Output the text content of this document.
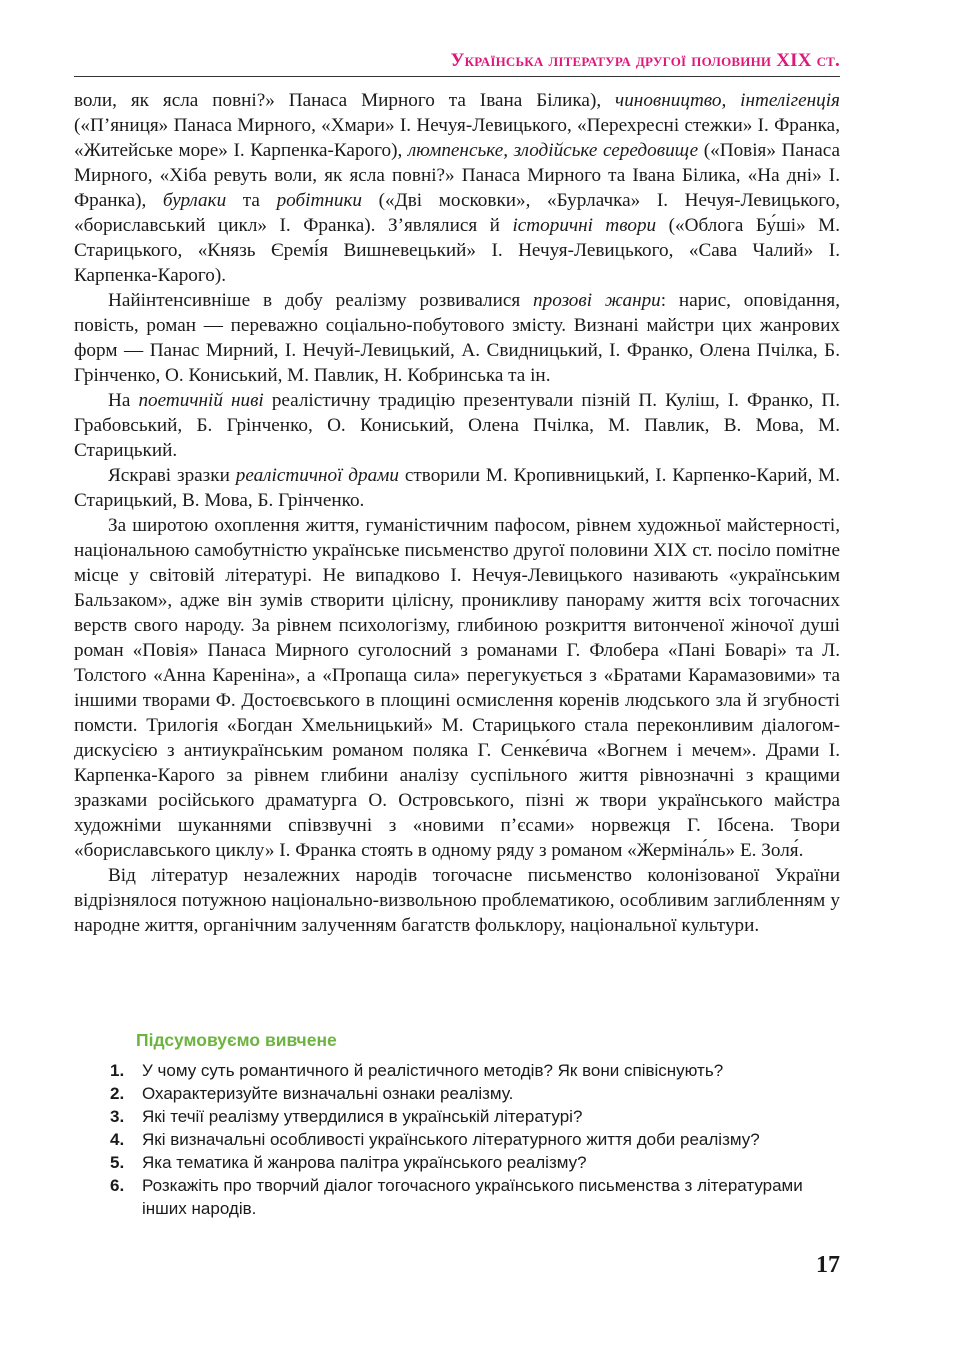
Українська література другої половини XIX ст.

воли, як ясла повні?» Панаса Мирного та Івана Білика), чиновництво, інтелігенція («П’яниця» Панаса Мирного, «Хмари» І. Нечуя-Левицького, «Перехресні стежки» І. Франка, «Житейське море» І. Карпенка-Карого), люмпенське, злодійське середовище («Повія» Панаса Мирного, «Хіба ревуть воли, як ясла повні?» Панаса Мирного та Івана Білика, «На дні» І. Франка), бурлаки та робітники («Дві московки», «Бурлачка» І. Нечуя-Левицького, «бориславський цикл» І. Франка). З’являлися й історичні твори («Облога Бу́ші» М. Старицького, «Князь Єремі́я Вишневецький» І. Нечуя-Левицького, «Сава Чалий» І. Карпенка-Карого).

Найінтенсивніше в добу реалізму розвивалися прозові жанри: нарис, оповідання, повість, роман — переважно соціально-побутового змісту. Визнані майстри цих жанрових форм — Панас Мирний, І. Нечуй-Левицький, А. Свидницький, І. Франко, Олена Пчілка, Б. Грінченко, О. Кониський, М. Павлик, Н. Кобринська та ін.

На поетичній ниві реалістичну традицію презентували пізній П. Куліш, І. Франко, П. Грабовський, Б. Грінченко, О. Кониський, Олена Пчілка, М. Павлик, В. Мова, М. Старицький.

Яскраві зразки реалістичної драми створили М. Кропивницький, І. Карпенко-Карий, М. Старицький, В. Мова, Б. Грінченко.

За широтою охоплення життя, гуманістичним пафосом, рівнем художньої майстерності, національною самобутністю українське письменство другої половини XIX ст. посіло помітне місце у світовій літературі. Не випадково І. Нечуя-Левицького називають «українським Бальзаком», адже він зумів створити цілісну, проникливу панораму життя всіх тогочасних верств свого народу. За рівнем психологізму, глибиною розкриття витонченої жіночої душі роман «Повія» Панаса Мирного суголосний з романами Г. Флобера «Пані Боварі» та Л. Толстого «Анна Кареніна», а «Пропаща сила» перегукується з «Братами Карамазовими» та іншими творами Ф. Достоєвського в площині осмислення коренів людського зла й згубності помсти. Трилогія «Богдан Хмельницький» М. Старицького стала переконливим діалогом-дискусією з антиукраїнським романом поляка Г. Сенке́вича «Вогнем і мечем». Драми І. Карпенка-Карого за рівнем глибини аналізу суспільного життя рівнозначні з кращими зразками російського драматурга О. Островського, пізні ж твори українського майстра художніми шуканнями співзвучні з «новими п’єсами» норвежця Г. Ібсена. Твори «бориславського циклу» І. Франка стоять в одному ряду з романом «Жерміна́ль» Е. Золя́.

Від літератур незалежних народів тогочасне письменство колонізованої України відрізнялося потужною національно-визвольною проблематикою, особливим заглибленням у народне життя, органічним залученням багатств фольклору, національної культури.

Підсумовуємо вивчене
1.	У чому суть романтичного й реалістичного методів? Як вони співіснують?
2.	Охарактеризуйте визначальні ознаки реалізму.
3.	Які течії реалізму утвердилися в українській літературі?
4.	Які визначальні особливості українського літературного життя доби реалізму?
5.	Яка тематика й жанрова палітра українського реалізму?
6.	Розкажіть про творчий діалог тогочасного українського письменства з літературами інших народів.
17
